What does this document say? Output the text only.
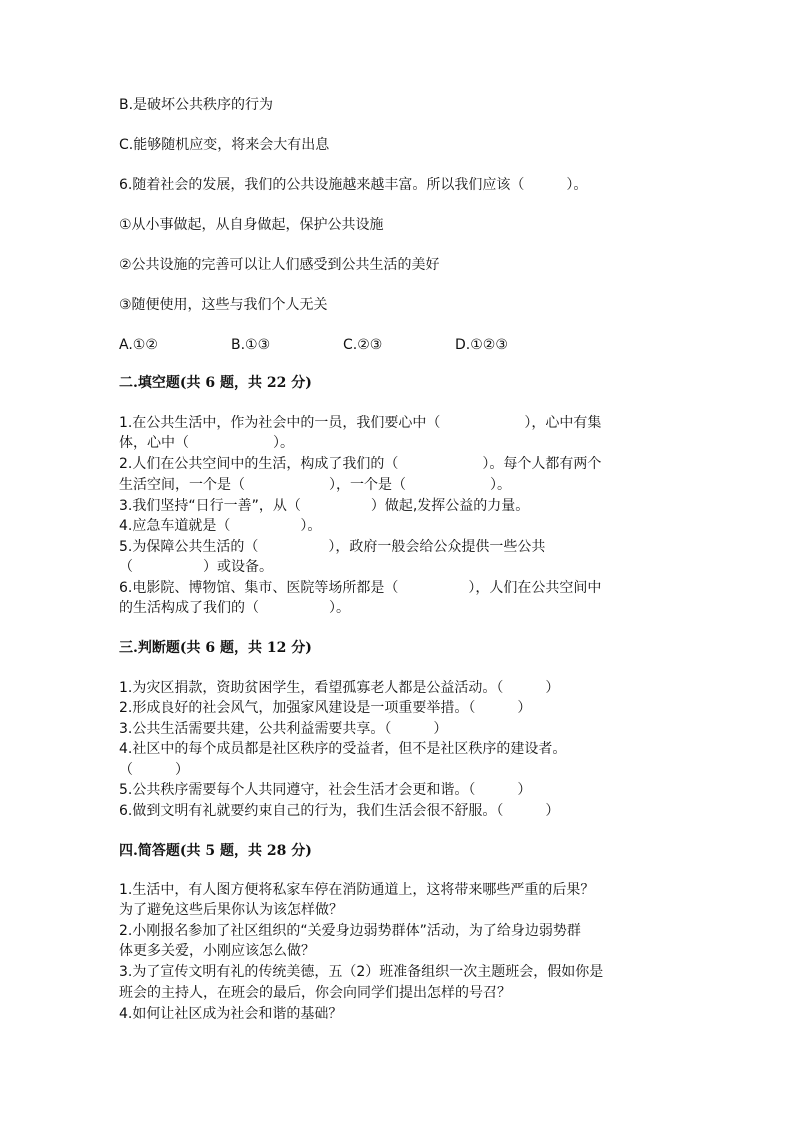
B.是破坏公共秩序的行为
C.能够随机应变，将来会大有出息
6.随着社会的发展，我们的公共设施越来越丰富。所以我们应该（　　　）。
①从小事做起，从自身做起，保护公共设施
②公共设施的完善可以让人们感受到公共生活的美好
③随便使用，这些与我们个人无关
A.①②	B.①③	C.②③	D.①②③
二.填空题(共 6 题，共 22 分)
1.在公共生活中，作为社会中的一员，我们要心中（　　　　　　），心中有集
体，心中（　　　　　　）。
2.人们在公共空间中的生活，构成了我们的（　　　　　　）。每个人都有两个
生活空间，一个是（　　　　　　），一个是（　　　　　　）。
3.我们坚持“日行一善”，从（　　　　　）做起,发挥公益的力量。
4.应急车道就是（　　　　　）。
5.为保障公共生活的（　　　　　），政府一般会给公众提供一些公共
（　　　　　）或设备。
6.电影院、博物馆、集市、医院等场所都是（　　　　　），人们在公共空间中
的生活构成了我们的（　　　　　）。
三.判断题(共 6 题，共 12 分)
1.为灾区捐款，资助贫困学生，看望孤寡老人都是公益活动。（　　　）
2.形成良好的社会风气，加强家风建设是一项重要举措。（　　　）
3.公共生活需要共建，公共利益需要共享。（　　　）
4.社区中的每个成员都是社区秩序的受益者，但不是社区秩序的建设者。
（　　　）
5.公共秩序需要每个人共同遵守，社会生活才会更和谐。（　　　）
6.做到文明有礼就要约束自己的行为，我们生活会很不舒服。（　　　）
四.简答题(共 5 题，共 28 分)
1.生活中，有人图方便将私家车停在消防通道上，这将带来哪些严重的后果？
为了避免这些后果你认为该怎样做？
2.小刚报名参加了社区组织的“关爱身边弱势群体”活动，为了给身边弱势群
体更多关爱，小刚应该怎么做？
3.为了宣传文明有礼的传统美德，五（2）班准备组织一次主题班会，假如你是
班会的主持人，在班会的最后，你会向同学们提出怎样的号召？
4.如何让社区成为社会和谐的基础？
